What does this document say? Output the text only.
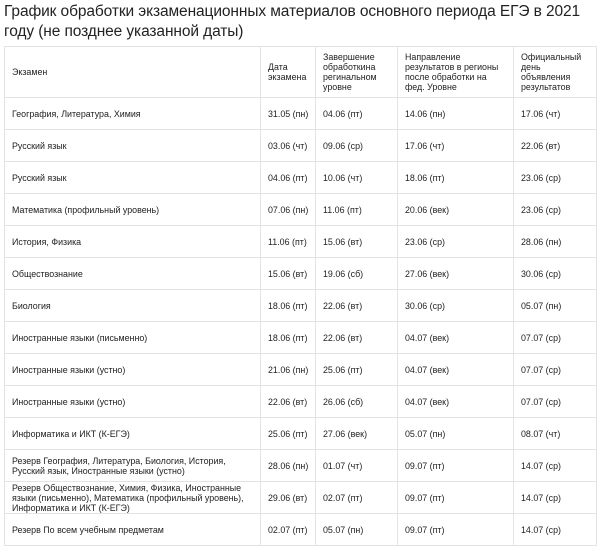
График обработки экзаменационных материалов основного периода ЕГЭ в 2021 году (не позднее указанной даты)
Экзамен	Дата экзамена	Завершение обработкина регинальном уровне	Направление результатов в регионы после обработки на фед. Уровне	Официальный день объявления результатов
География, Литература, Химия	31.05 (пн)	04.06 (пт)	14.06 (пн)	17.06 (чт)
Русский язык	03.06 (чт)	09.06 (ср)	17.06 (чт)	22.06 (вт)
Русский язык	04.06 (пт)	10.06 (чт)	18.06 (пт)	23.06 (ср)
Математика (профильный уровень)	07.06 (пн)	11.06 (пт)	20.06 (век)	23.06 (ср)
История, Физика	11.06 (пт)	15.06 (вт)	23.06 (ср)	28.06 (пн)
Обществознание	15.06 (вт)	19.06 (сб)	27.06 (век)	30.06 (ср)
Биология	18.06 (пт)	22.06 (вт)	30.06 (ср)	05.07 (пн)
Иностранные языки (письменно)	18.06 (пт)	22.06 (вт)	04.07 (век)	07.07 (ср)
Иностранные языки (устно)	21.06 (пн)	25.06 (пт)	04.07 (век)	07.07 (ср)
Иностранные языки (устно)	22.06 (вт)	26.06 (сб)	04.07 (век)	07.07 (ср)
Информатика и ИКТ (К-ЕГЭ)	25.06 (пт)	27.06 (век)	05.07 (пн)	08.07 (чт)
Резерв География, Литература, Биология, История, Русский язык, Иностранные языки (устно)	28.06 (пн)	01.07 (чт)	09.07 (пт)	14.07 (ср)
Резерв Обществознание, Химия, Физика, Иностранные языки (письменно), Математика (профильный уровень), Информатика и ИКТ (К-ЕГЭ)	29.06 (вт)	02.07 (пт)	09.07 (пт)	14.07 (ср)
Резерв По всем учебным предметам	02.07 (пт)	05.07 (пн)	09.07 (пт)	14.07 (ср)
